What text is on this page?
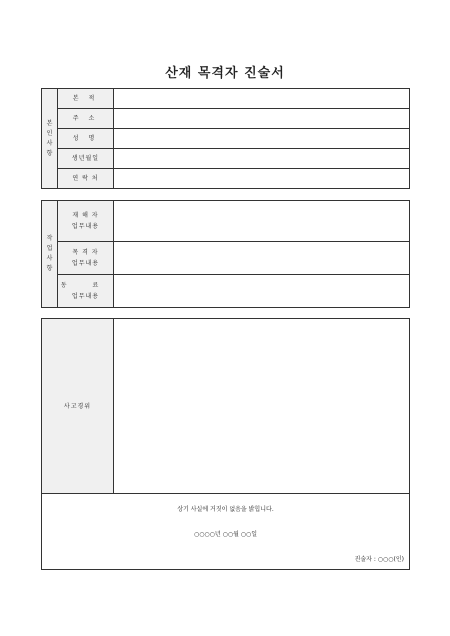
산재 목격자 진술서
본
인
사
항	본 적	

	주 소	

	성 명	

	생년월일	

	연 락 처	

작
업
사
항	재 해 자
업무내용	

	목 격 자
업무내용	

	동 료
업무내용	

사고경위

상기 사실에 거짓이 없음을 밝힙니다.
○○○○년 ○○월 ○○일
진술자 : ○○○(인)
